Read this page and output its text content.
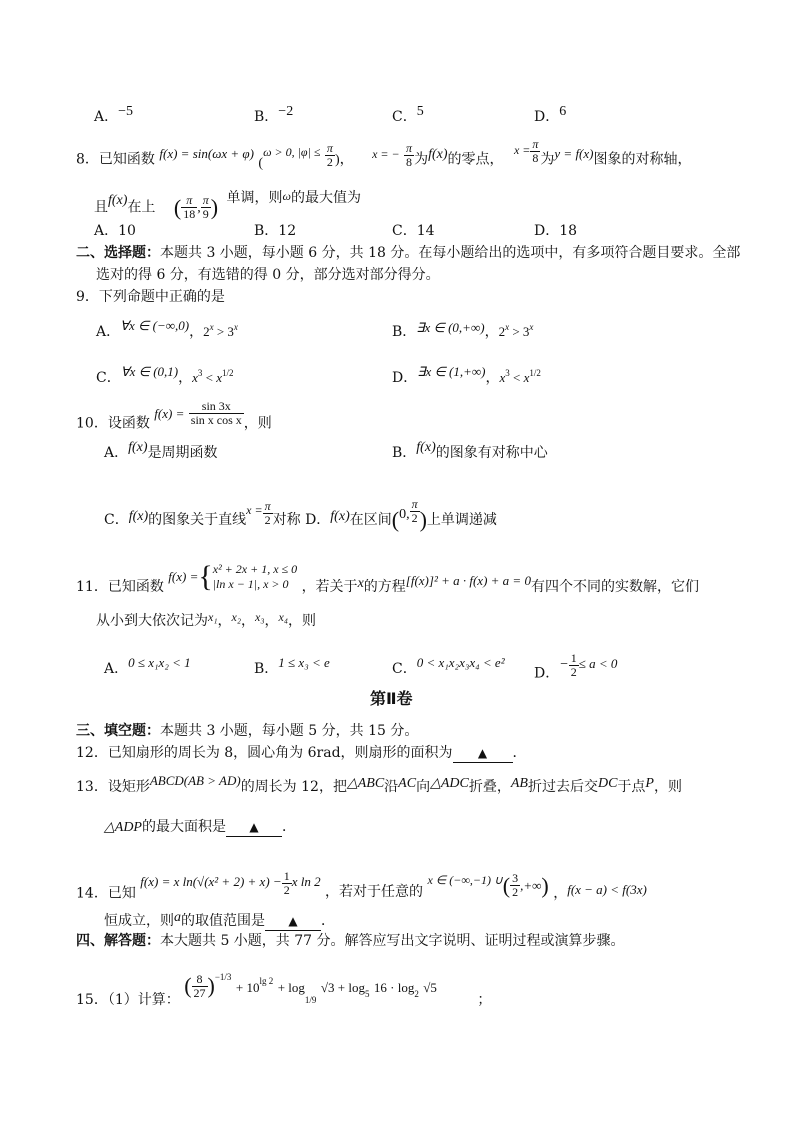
A．−5	B．−2	C．5	D．6
8．已知函数 f(x) = sin(ωx + φ) (ω > 0, $|\varphi| \le \frac{\pi}{2}$ )， x = − $\frac{\pi}{8}$ 为f(x)的零点， $x = \frac{\pi}{8}$ 为y = f(x)图象的对称轴，
且f(x)在上 ( $\frac{\pi}{18}$ , $\frac{\pi}{9}$ ) 单调，则ω的最大值为
A．10	B．12	C．14	D．18
二、选择题：本题共 3 小题，每小题 6 分，共 18 分。在每小题给出的选项中，有多项符合题目要求。全部
选对的得 6 分，有选错的得 0 分，部分选对部分得分。
9．下列命题中正确的是
A．∀x ∈ (−∞,0)，$2^x > 3^x$	B．∃x ∈ (0,+∞)，$2^x > 3^x$
C．∀x ∈ (0,1)，$x^3 < x^{1/2}$	D．∃x ∈ (1,+∞)，$x^3 < x^{1/2}$
10．设函数 $f(x) = \frac{\sin 3x}{\text{sin x cos x}}$ ，则
A．f(x)是周期函数	B．f(x)的图象有对称中心
C．f(x)的图象关于直线$x = \frac{\pi}{2}$ 对称 D．f(x)在区间(0, $\frac{\pi}{2}$ )上单调递减
11．已知函数 f(x) ={ x² + 2x + 1, x ≤ 0
|ln x − 1|, x > 0 ，若关于x的方程[f(x)]² + a · f(x) + a = 0有四个不同的实数解，它们
从小到大依次记为x₁，x₂，x₃，x₄，则
A．0 ≤ x₁x₂ < 1	B．1 ≤ x₃ < e	C．0 < x₁x₂x₃x₄ < e²
D．− $\frac{1}{2} \le a < 0$
第Ⅱ卷
三、填空题：本题共 3 小题，每小题 5 分，共 15 分。
12．已知扇形的周长为 8，圆心角为 6rad，则扇形的面积为 ▲ ．
13．设矩形ABCD(AB > AD)的周长为 12，把△ABC沿AC向△ADC折叠，AB折过去后交DC于点P，则
△ADP的最大面积是 ▲ ．
14．已知 f(x) = x $\ln(√(x^2 + 2) + x) - \frac{1}{2}$ x ln 2 ，若对于任意的 x ∈ (−∞,−1) ∪( $\frac{3}{2}$ ,+∞) ，f(x − a) < f(3x)
恒成立，则a的取值范围是 ▲ ．
四、解答题：本大题共 5 小题，共 77 分。解答应写出文字说明、证明过程或演算步骤。
15．（1）计算： ( $\frac{8}{27} )^{-1/3} + 10^{lg 2} + \log_{1/9} √3 + \log^5 16 \cdot \log^2 √5$ ；
